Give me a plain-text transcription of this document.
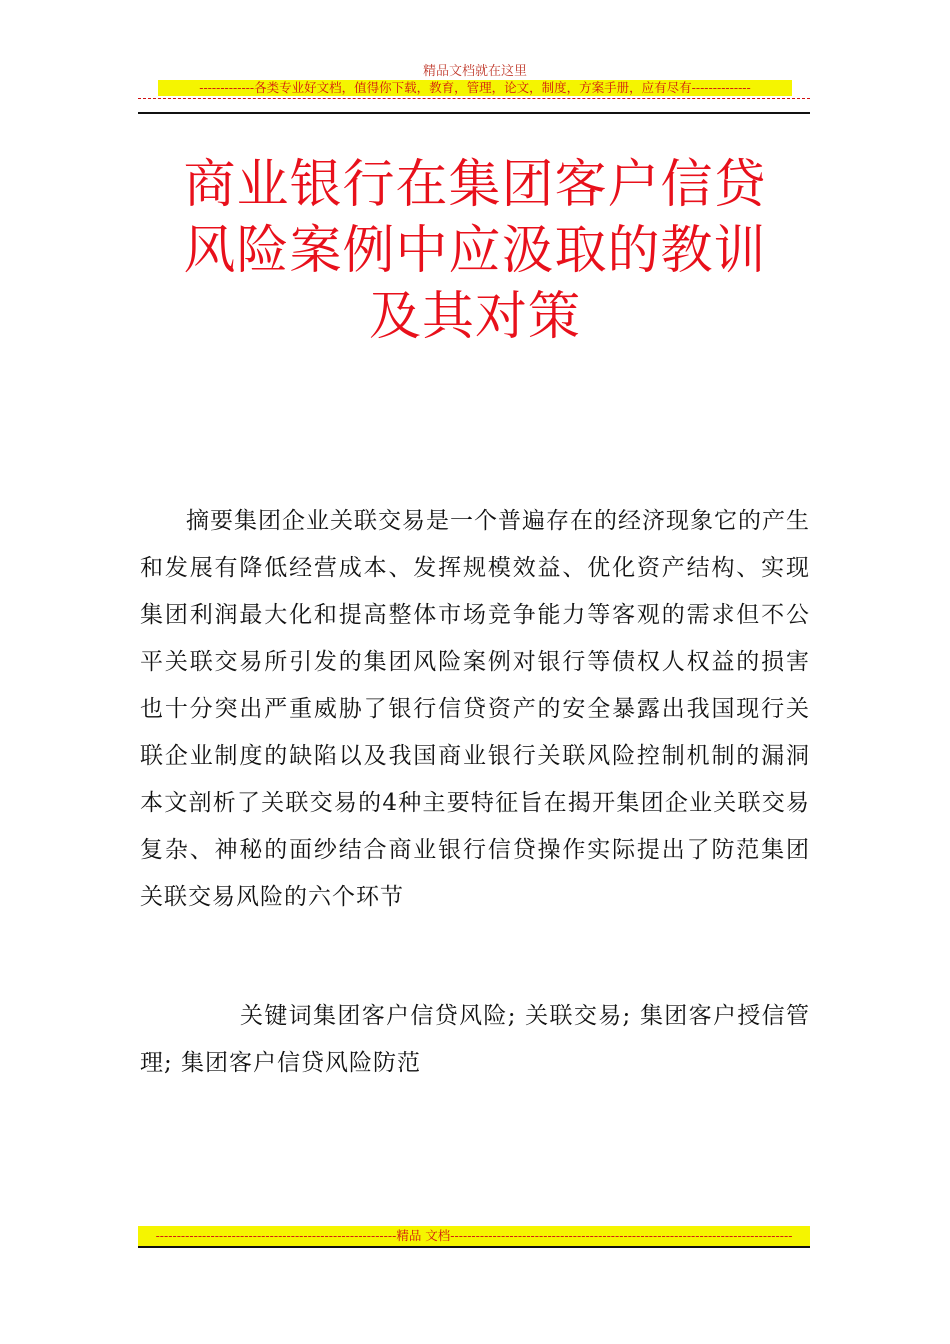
精品文档就在这里
-------------各类专业好文档，值得你下载，教育，管理，论文，制度，方案手册，应有尽有--------------
商业银行在集团客户信贷
风险案例中应汲取的教训
及其对策

摘要集团企业关联交易是一个普遍存在的经济现象它的产生和发展有降低经营成本、发挥规模效益、优化资产结构、实现集团利润最大化和提高整体市场竞争能力等客观的需求但不公平关联交易所引发的集团风险案例对银行等债权人权益的损害也十分突出严重威胁了银行信贷资产的安全暴露出我国现行关联企业制度的缺陷以及我国商业银行关联风险控制机制的漏洞本文剖析了关联交易的4种主要特征旨在揭开集团企业关联交易复杂、神秘的面纱结合商业银行信贷操作实际提出了防范集团关联交易风险的六个环节

关键词集团客户信贷风险; 关联交易; 集团客户授信管理; 集团客户信贷风险防范

---------------------------------------------------------精品 文档---------------------------------------------------------------------------------
